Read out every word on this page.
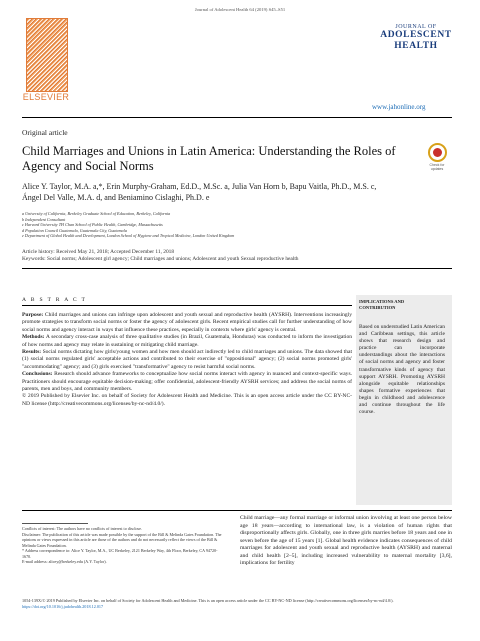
Journal of Adolescent Health 64 (2019) S45–S51
ELSEVIER
JOURNAL OF
ADOLESCENT
HEALTH
www.jahonline.org
Original article
Child Marriages and Unions in Latin America: Understanding the Roles of Agency and Social Norms	Check for updates
Alice Y. Taylor, M.A. a,*, Erin Murphy-Graham, Ed.D., M.Sc. a, Julia Van Horn b, Bapu Vaitla, Ph.D., M.S. c,
Ángel Del Valle, M.A. d, and Beniamino Cislaghi, Ph.D. e
a University of California, Berkeley Graduate School of Education, Berkeley, California
b Independent Consultant
c Harvard University TH Chan School of Public Health, Cambridge, Massachusetts
d Population Council Guatemala, Guatemala City, Guatemala
e Department of Global Health and Development, London School of Hygiene and Tropical Medicine, London United Kingdom
Article history: Received May 21, 2018; Accepted December 11, 2018
Keywords: Social norms; Adolescent girl agency; Child marriages and unions; Adolescent and youth Sexual reproductive health
A B S T R A C T

Purpose: Child marriages and unions can infringe upon adolescent and youth sexual and reproductive health (AYSRH). Interventions increasingly promote strategies to transform social norms or foster the agency of adolescent girls. Recent empirical studies call for further understanding of how social norms and agency interact in ways that influence these practices, especially in contexts where girls' agency is central.

Methods: A secondary cross-case analysis of three qualitative studies (in Brazil, Guatemala, Honduras) was conducted to inform the investigation of how norms and agency may relate in sustaining or mitigating child marriage.

Results: Social norms dictating how girls/young women and how men should act indirectly led to child marriages and unions. The data showed that (1) social norms regulated girls' acceptable actions and contributed to their exercise of "oppositional" agency; (2) social norms promoted girls' "accommodating" agency; and (3) girls exercised "transformative" agency to resist harmful social norms.

Conclusions: Research should advance frameworks to conceptualize how social norms interact with agency in nuanced and context-specific ways. Practitioners should encourage equitable decision-making; offer confidential, adolescent-friendly AYSRH services; and address the social norms of parents, men and boys, and community members.

© 2019 Published by Elsevier Inc. on behalf of Society for Adolescent Health and Medicine. This is an open access article under the CC BY-NC-ND license (http://creativecommons.org/licenses/by-nc-nd/4.0/).

IMPLICATIONS AND CONTRIBUTION
Based on understudied Latin American and Caribbean settings, this article shows that research design and practice can incorporate understandings about the interactions of social norms and agency and foster transformative kinds of agency that support AYSRH. Promoting AYSRH alongside equitable relationships shapes formative experiences that begin in childhood and adolescence and continue throughout the life course.
Conflicts of interest: The authors have no conflicts of interest to disclose.
Disclaimer: The publication of this article was made possible by the support of the Bill & Melinda Gates Foundation. The opinions or views expressed in this article are those of the authors and do not necessarily reflect the views of the Bill & Melinda Gates Foundation.
* Address correspondence to: Alice Y. Taylor, M.A., UC Berkeley, 2121 Berkeley Way, 4th Floor, Berkeley, CA 94720-1670.
E-mail address: alicey@berkeley.edu (A.Y. Taylor).
Child marriage—any formal marriage or informal union involving at least one person below age 18 years—according to international law, is a violation of human rights that disproportionally affects girls. Globally, one in three girls marries before 18 years and one in seven before the age of 15 years [1]. Global health evidence indicates consequences of child marriages for adolescent and youth sexual and reproductive health (AYSRH) and maternal and child health [2–5], including increased vulnerability to maternal mortality [3,6], implications for fertility
1054-139X/© 2019 Published by Elsevier Inc. on behalf of Society for Adolescent Health and Medicine. This is an open access article under the CC BY-NC-ND license (http://creativecommons.org/licenses/by-nc-nd/4.0/).
https://doi.org/10.1016/j.jadohealth.2018.12.017
